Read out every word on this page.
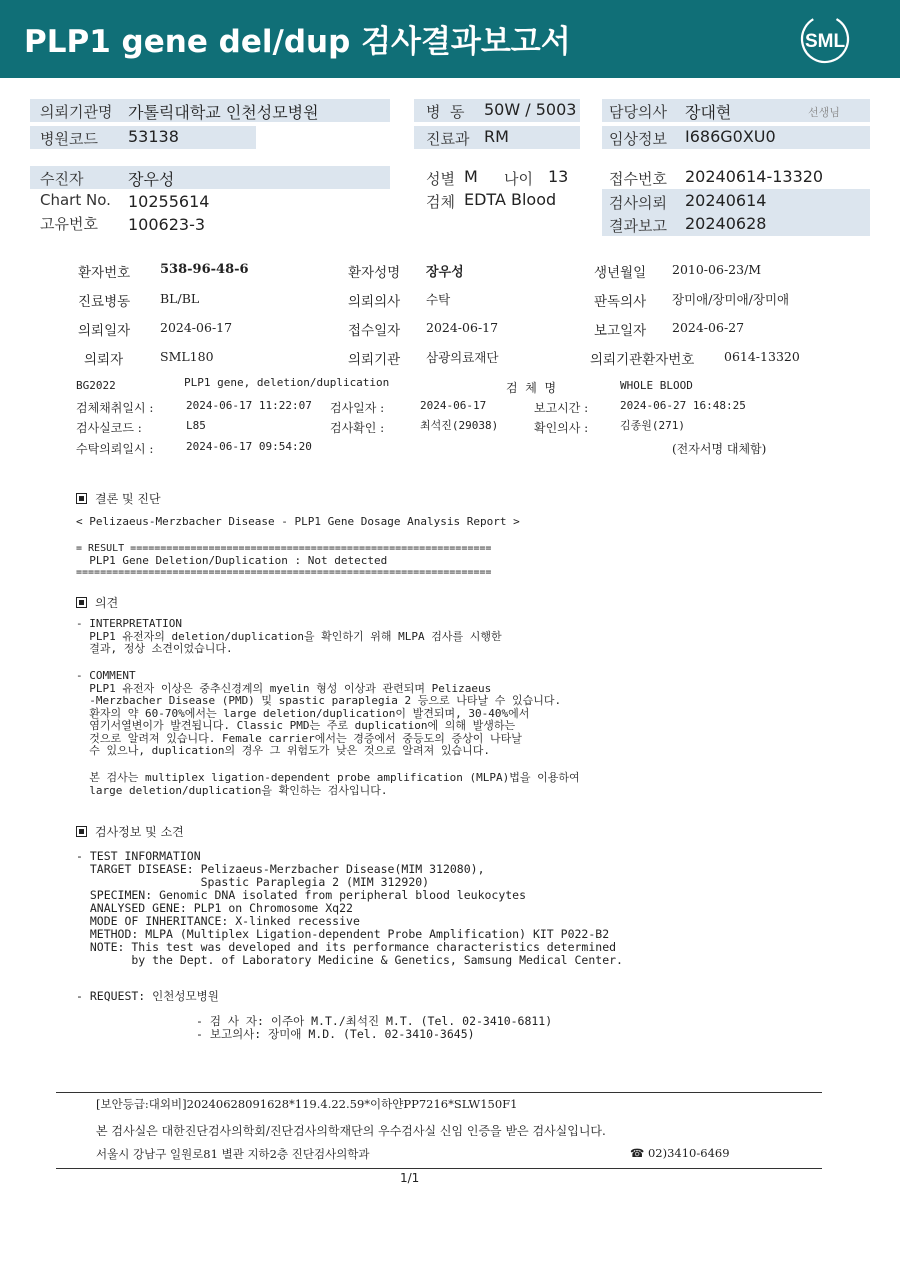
PLP1 gene del/dup 검사결과보고서	SML
의뢰기관명 가톨릭대학교 인천성모병원	병  동 50W / 5003 담당의사 장대현	선생님
병원코드 53138	진료과 RM	임상정보 I686G0XU0
수진자	장우성	성별 M 나이 13	접수번호 20240614-13320
Chart No. 10255614	검체 EDTA Blood	검사의뢰 20240614
고유번호 100623-3	결과보고 20240628
환자번호 538-96-48-6	환자성명 장우성	생년월일 2010-06-23/M
진료병동 BL/BL	의뢰의사 수탁	판독의사 장미애/장미애/장미애
의뢰일자 2024-06-17	접수일자 2024-06-17	보고일자 2024-06-27
의뢰자	SML180	의뢰기관 삼광의료재단	의뢰기관환자번호 0614-13320
BG2022	PLP1 gene, deletion/duplication	검  체  명	WHOLE BLOOD
검체채취일시 :	2024-06-17 11:22:07 검사일자 :	2024-06-17	보고시간 :	2024-06-27 16:48:25
검사실코드 :	L85	검사확인 :	최석진(29038)	확인의사 :	김종원(271)
수탁의뢰일시 :	2024-06-17 09:54:20	(전자서명 대체함)
결론 및 진단
< Pelizaeus-Merzbacher Disease - PLP1 Gene Dosage Analysis Report >
= RESULT ============================================================
PLP1 Gene Deletion/Duplication : Not detected
=====================================================================
의견
- INTERPRETATION
PLP1 유전자의 deletion/duplication을 확인하기 위해 MLPA 검사를 시행한
결과, 정상 소견이었습니다.
- COMMENT
PLP1 유전자 이상은 중추신경계의 myelin 형성 이상과 관련되며 Pelizaeus
-Merzbacher Disease (PMD) 및 spastic paraplegia 2 등으로 나타날 수 있습니다.
환자의 약 60-70%에서는 large deletion/duplication이 발견되며, 30-40%에서
염기서열변이가 발견됩니다. Classic PMD는 주로 duplication에 의해 발생하는
것으로 알려져 있습니다. Female carrier에서는 경증에서 중등도의 증상이 나타날
수 있으나, duplication의 경우 그 위험도가 낮은 것으로 알려져 있습니다.
본 검사는 multiplex ligation-dependent probe amplification (MLPA)법을 이용하여
large deletion/duplication을 확인하는 검사입니다.
검사정보 및 소견
- TEST INFORMATION
TARGET DISEASE: Pelizaeus-Merzbacher Disease(MIM 312080),
Spastic Paraplegia 2 (MIM 312920)
SPECIMEN: Genomic DNA isolated from peripheral blood leukocytes
ANALYSED GENE: PLP1 on Chromosome Xq22
MODE OF INHERITANCE: X-linked recessive
METHOD: MLPA (Multiplex Ligation-dependent Probe Amplification) KIT P022-B2
NOTE: This test was developed and its performance characteristics determined
by the Dept. of Laboratory Medicine & Genetics, Samsung Medical Center.
- REQUEST: 인천성모병원
- 검 사 자: 이주아 M.T./최석진 M.T. (Tel. 02-3410-6811)
- 보고의사: 장미애 M.D. (Tel. 02-3410-3645)
[보안등급:대외비]20240628091628*119.4.22.59*이하얀PP7216*SLW150F1
본 검사실은 대한진단검사의학회/진단검사의학재단의 우수검사실 신임 인증을 받은 검사실입니다.
서울시 강남구 일원로81 별관 지하2층 진단검사의학과	☎ 02)3410-6469
1/1
